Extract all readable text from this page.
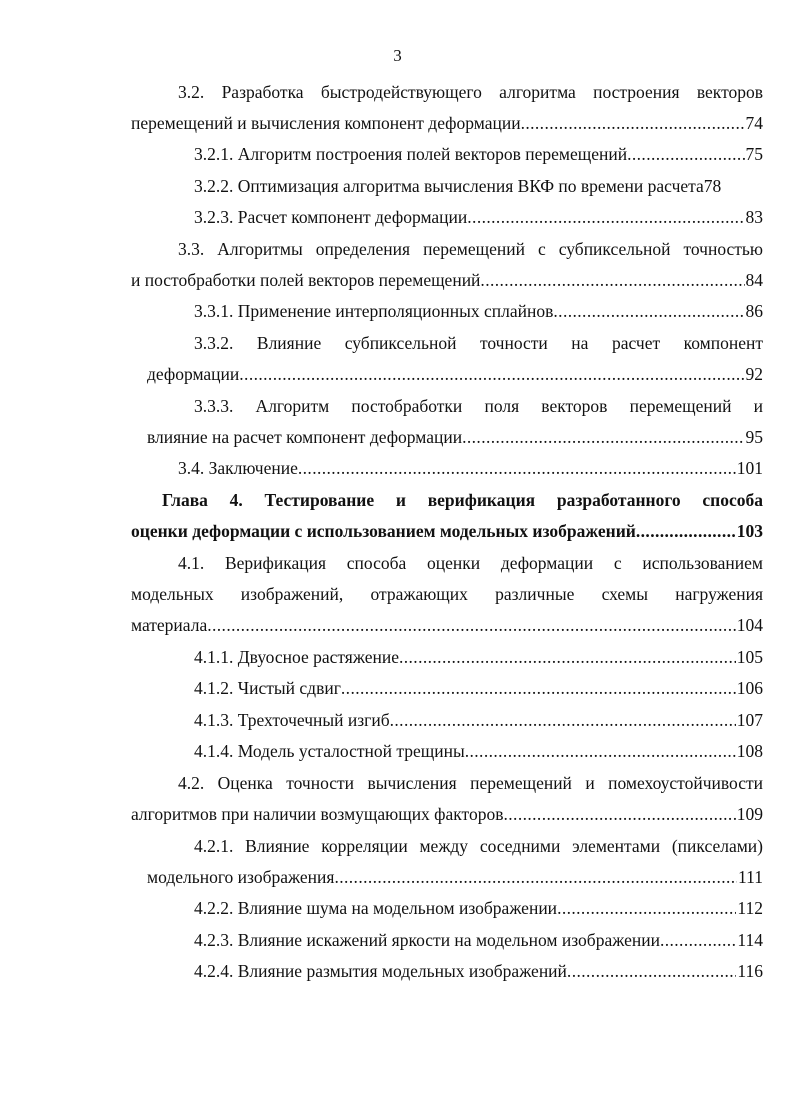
3
3.2. Разработка быстродействующего алгоритма построения векторов
перемещений и вычисления компонент деформации .....	74
3.2.1. Алгоритм построения полей векторов перемещений .....	75
3.2.2. Оптимизация алгоритма вычисления ВКФ по времени расчета 78
3.2.3. Расчет компонент деформации .....	83
3.3. Алгоритмы определения перемещений с субпиксельной точностью
и постобработки полей векторов перемещений .....	84
3.3.1. Применение интерполяционных сплайнов .....	86
3.3.2. Влияние субпиксельной точности на расчет компонент
деформации .....	92
3.3.3. Алгоритм постобработки поля векторов перемещений и
влияние на расчет компонент деформации .....	95
3.4. Заключение .....	101
Глава 4. Тестирование и верификация разработанного способа
оценки деформации с использованием модельных изображений .....	103
4.1. Верификация способа оценки деформации с использованием
модельных изображений, отражающих различные схемы нагружения
материала .....	104
4.1.1. Двуосное растяжение .....	105
4.1.2. Чистый сдвиг .....	106
4.1.3. Трехточечный изгиб .....	107
4.1.4. Модель усталостной трещины .....	108
4.2. Оценка точности вычисления перемещений и помехоустойчивости
алгоритмов при наличии возмущающих факторов .....	109
4.2.1. Влияние корреляции между соседними элементами (пикселами)
модельного изображения .....	111
4.2.2. Влияние шума на модельном изображении .....	112
4.2.3. Влияние искажений яркости на модельном изображении .....	114
4.2.4. Влияние размытия модельных изображений .....	116
